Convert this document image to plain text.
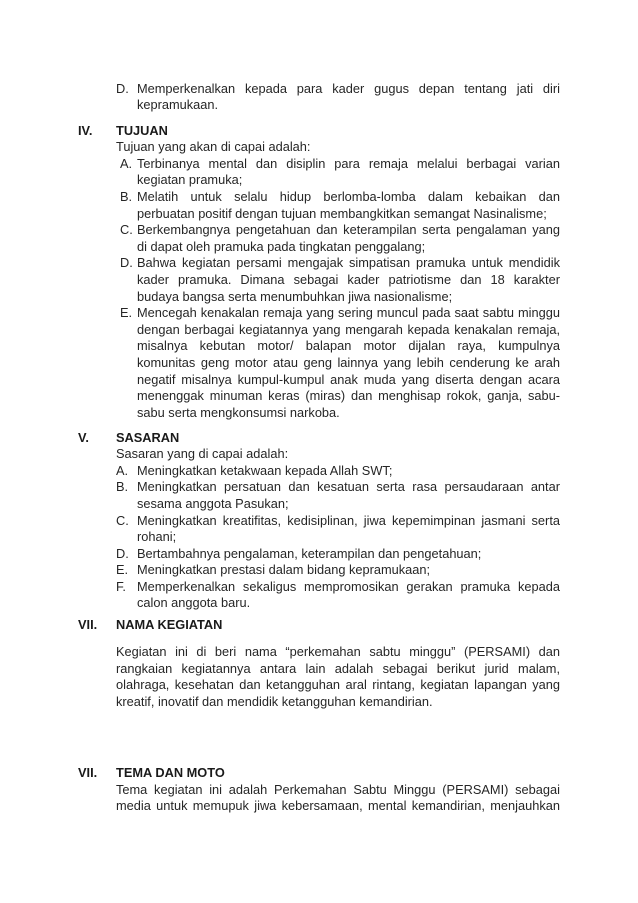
D. Memperkenalkan kepada para kader gugus depan tentang jati diri
kepramukaan.
IV.	TUJUAN
Tujuan yang akan di capai adalah:
A. Terbinanya mental dan disiplin para remaja melalui berbagai varian
kegiatan pramuka;
B. Melatih untuk selalu hidup berlomba-lomba dalam kebaikan dan
perbuatan positif dengan tujuan membangkitkan semangat Nasinalisme;
C. Berkembangnya pengetahuan dan keterampilan serta pengalaman yang
di dapat oleh pramuka pada tingkatan penggalang;
D. Bahwa kegiatan persami mengajak simpatisan pramuka untuk mendidik
kader pramuka. Dimana sebagai kader patriotisme dan 18 karakter
budaya bangsa serta menumbuhkan jiwa nasionalisme;
E. Mencegah kenakalan remaja yang sering muncul pada saat sabtu minggu
dengan berbagai kegiatannya yang mengarah kepada kenakalan remaja,
misalnya kebutan motor/ balapan motor dijalan raya, kumpulnya
komunitas geng motor atau geng lainnya yang lebih cenderung ke arah
negatif misalnya kumpul-kumpul anak muda yang diserta dengan acara
menenggak minuman keras (miras) dan menghisap rokok, ganja, sabu-
sabu serta mengkonsumsi narkoba.
V.	SASARAN
Sasaran yang di capai adalah:
A. Meningkatkan ketakwaan kepada Allah SWT;
B. Meningkatkan persatuan dan kesatuan serta rasa persaudaraan antar
sesama anggota Pasukan;
C. Meningkatkan kreatifitas, kedisiplinan, jiwa kepemimpinan jasmani serta
rohani;
D. Bertambahnya pengalaman, keterampilan dan pengetahuan;
E. Meningkatkan prestasi dalam bidang kepramukaan;
F. Memperkenalkan sekaligus mempromosikan gerakan pramuka kepada
calon anggota baru.
VII.	NAMA KEGIATAN
Kegiatan ini di beri nama “perkemahan sabtu minggu” (PERSAMI) dan
rangkaian kegiatannya antara lain adalah sebagai berikut jurid malam,
olahraga, kesehatan dan ketangguhan aral rintang, kegiatan lapangan yang
kreatif, inovatif dan mendidik ketangguhan kemandirian.
VII.	TEMA DAN MOTO
Tema kegiatan ini adalah Perkemahan Sabtu Minggu (PERSAMI) sebagai
media untuk memupuk jiwa kebersamaan, mental kemandirian, menjauhkan
